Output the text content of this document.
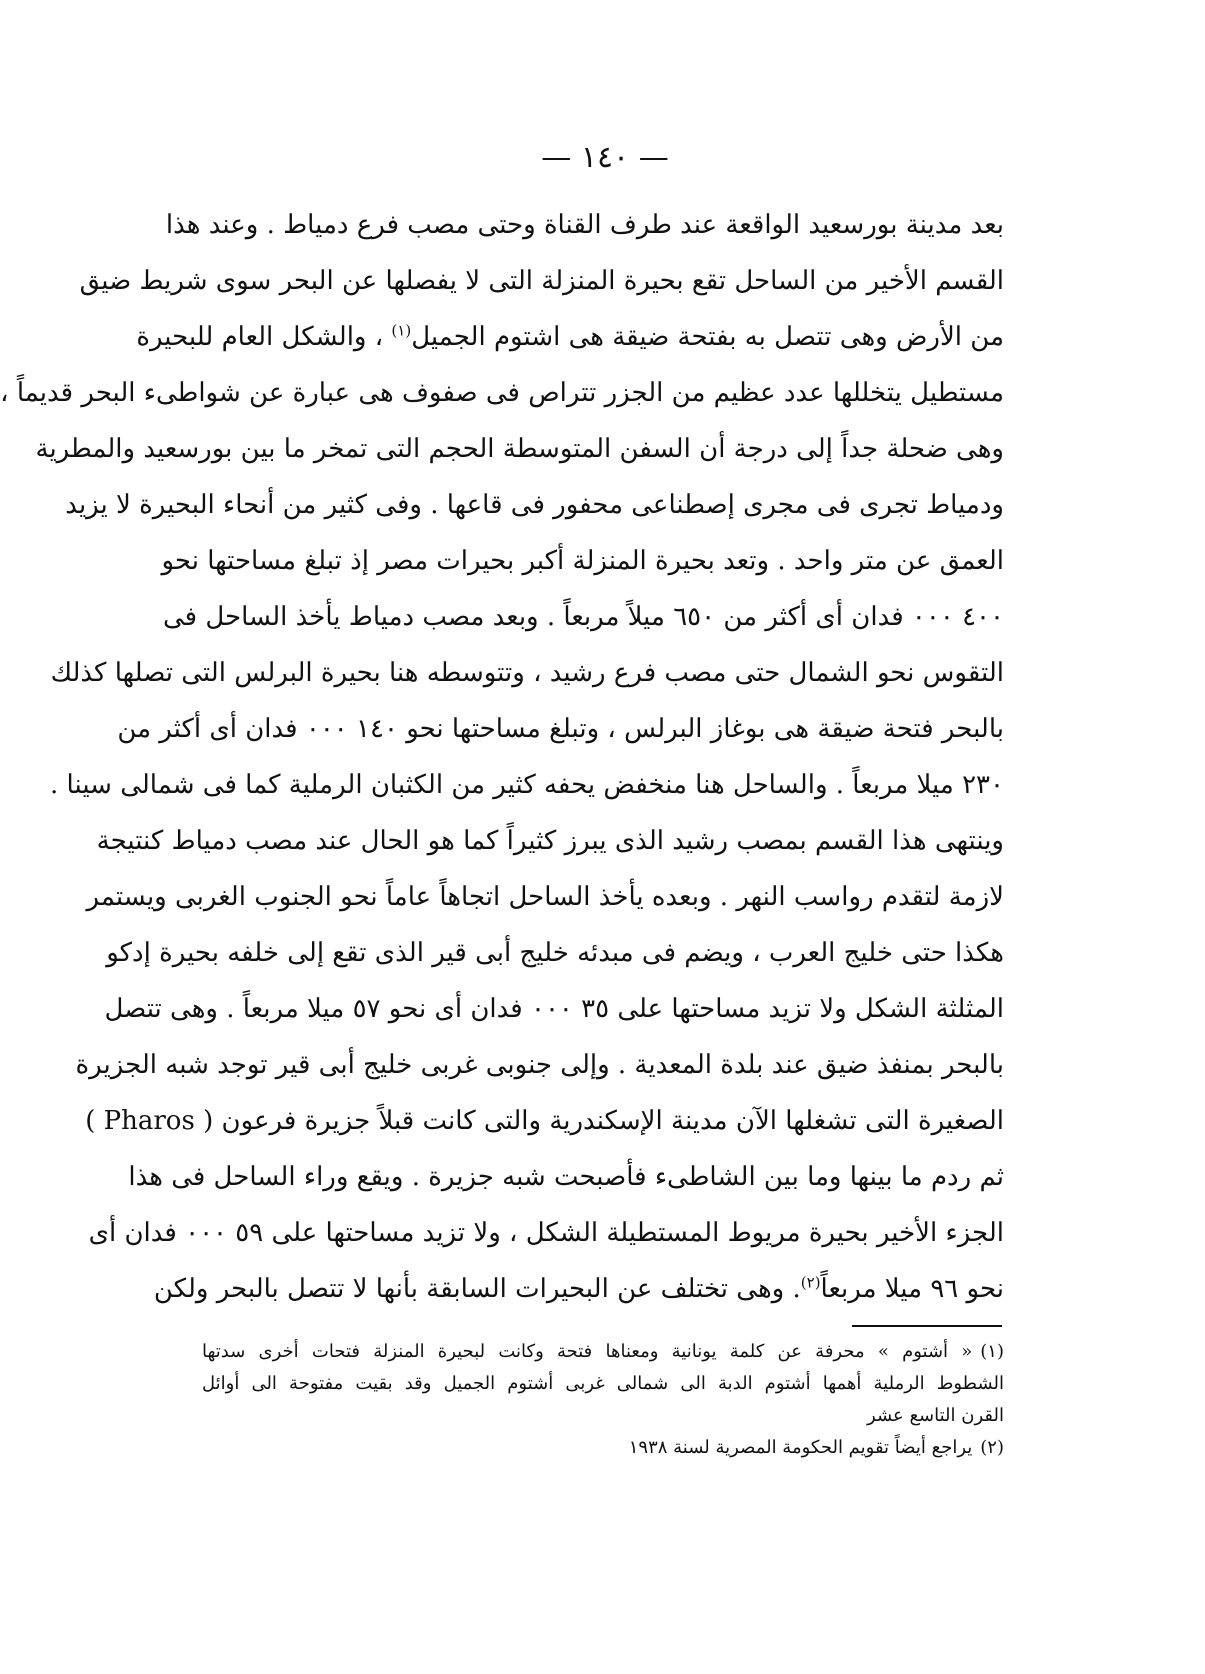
— ١٤٠ —
بعد مدينة بورسعيد الواقعة عند طرف القناة وحتى مصب فرع دمياط . وعند هذا
القسم الأخير من الساحل تقع بحيرة المنزلة التى لا يفصلها عن البحر سوى شريط ضيق
من الأرض وهى تتصل به بفتحة ضيقة هى اشتوم الجميل$^{(١)}$ ، والشكل العام للبحيرة
مستطيل يتخللها عدد عظيم من الجزر تتراص فى صفوف هى عبارة عن شواطىء البحر قديماً ،
وهى ضحلة جداً إلى درجة أن السفن المتوسطة الحجم التى تمخر ما بين بورسعيد والمطرية
ودمياط تجرى فى مجرى إصطناعى محفور فى قاعها . وفى كثير من أنحاء البحيرة لا يزيد
العمق عن متر واحد . وتعد بحيرة المنزلة أكبر بحيرات مصر إذ تبلغ مساحتها نحو
٤٠٠ ٠٠٠ فدان أى أكثر من ٦٥٠ ميلاً مربعاً . وبعد مصب دمياط يأخذ الساحل فى
التقوس نحو الشمال حتى مصب فرع رشيد ، وتتوسطه هنا بحيرة البرلس التى تصلها كذلك
بالبحر فتحة ضيقة هى بوغاز البرلس ، وتبلغ مساحتها نحو ١٤٠ ٠٠٠ فدان أى أكثر من
٢٣٠ ميلا مربعاً . والساحل هنا منخفض يحفه كثير من الكثبان الرملية كما فى شمالى سينا .
وينتهى هذا القسم بمصب رشيد الذى يبرز كثيراً كما هو الحال عند مصب دمياط كنتيجة
لازمة لتقدم رواسب النهر . وبعده يأخذ الساحل اتجاهاً عاماً نحو الجنوب الغربى ويستمر
هكذا حتى خليج العرب ، ويضم فى مبدئه خليج أبى قير الذى تقع إلى خلفه بحيرة إدكو
المثلثة الشكل ولا تزيد مساحتها على ٣٥ ٠٠٠ فدان أى نحو ٥٧ ميلا مربعاً . وهى تتصل
بالبحر بمنفذ ضيق عند بلدة المعدية . وإلى جنوبى غربى خليج أبى قير توجد شبه الجزيرة
الصغيرة التى تشغلها الآن مدينة الإسكندرية والتى كانت قبلاً جزيرة فرعون ( Pharos )
ثم ردم ما بينها وما بين الشاطىء فأصبحت شبه جزيرة . ويقع وراء الساحل فى هذا
الجزء الأخير بحيرة مريوط المستطيلة الشكل ، ولا تزيد مساحتها على ٥٩ ٠٠٠ فدان أى
نحو ٩٦ ميلا مربعاً$^{(٢)}$. وهى تختلف عن البحيرات السابقة بأنها لا تتصل بالبحر ولكن
(١)« أشتوم » محرفة عن كلمة يونانية ومعناها فتحة وكانت لبحيرة المنزلة فتحات أخرى سدتها
الشطوط الرملية أهمها أشتوم الدبة الى شمالى غربى أشتوم الجميل وقد بقيت مفتوحة الى أوائل
القرن التاسع عشر
(٢)يراجع أيضاً تقويم الحكومة المصرية لسنة ١٩٣٨
